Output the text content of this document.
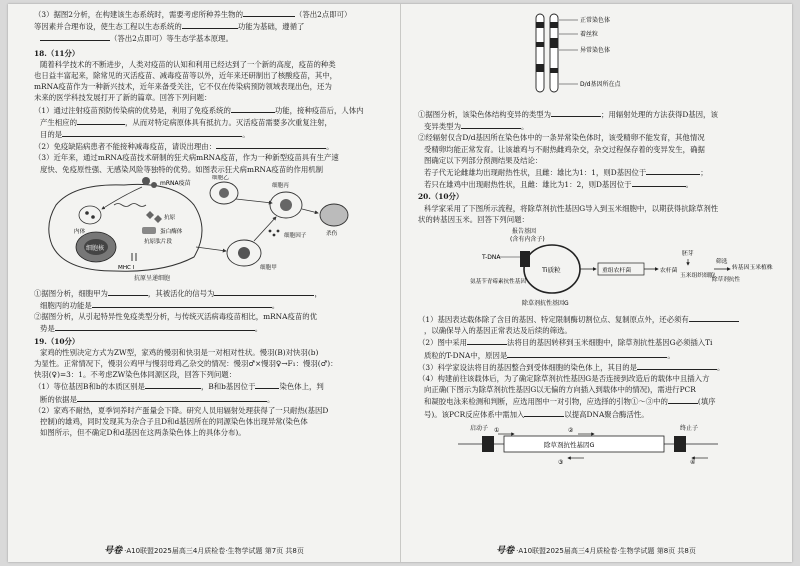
（3）据图2分析，在构建该生态系统时，需要考虑所种养生物的	（答出2点即可）

等因素并合理布设，使生态工程以生态系统的	功能为基础，遵循了

（答出2点即可）等生态学基本原理。

18.（11分）

随着科学技术的不断进步，人类对疫苗的认知和利用已经达到了一个新的高度，疫苗的种类

也日益丰富起来，除常见的灭活疫苗、减毒疫苗等以外，近年来还研制出了核酸疫苗，其中，

mRNA疫苗作为一种新兴技术，近年来备受关注，它不仅在传染病预防领域表现出色，还为

未来的医学科技发展打开了新的篇章。回答下列问题：

（1）通过注射疫苗预防传染病的优势是，利用了免疫系统的	功能，接种疫苗后，人体内

产生相应的	，从而对特定病原体具有抵抗力。灭活疫苗需要多次重复注射，

目的是	。

（2）免疫缺陷病患者不能接种减毒疫苗，请说出理由：	。

（3）近年来，通过mRNA疫苗技术研制的狂犬病mRNA疫苗，作为一种新型疫苗具有生产速

度快、免疫原性强、无感染风险等独特的优势。如图表示狂犬病mRNA疫苗的作用机制

细胞核
内体
mRNA疫苗
抗原
蛋白酶体
抗原肽片段
MHC I
细胞乙
细胞丙
杀伤
细胞甲
细胞因子
抗原呈递细胞

①据图分析，细胞甲为	，其被活化的信号为	，

细胞丙的功能是	。

②据图分析，从引起特异性免疫类型分析，与传统灭活病毒疫苗相比，mRNA疫苗的优

势是	。

19.（10分）

家鸡的性别决定方式为ZW型，家鸡的慢羽和快羽是一对相对性状。慢羽(B)对快羽(b)

为显性。正常情况下，慢羽公鸡甲与慢羽母鸡乙杂交的情况：慢羽♂×慢羽♀→F₁：慢羽(♂)：

快羽(♀)=3：1。不考虑ZW染色体同源区段，回答下列问题：

（1）等位基因B和b的本质区别是	，B和b基因位于	染色体上，判

断的依据是	。

（2）家鸡不耐热，夏季饲养时产蛋量会下降。研究人员用辐射处理获得了一只耐热(基因D

控制)的雄鸡，同时发现其为杂合子且D和d基因所在的同源染色体出现异常(染色体

如图所示，但不确定D和d基因在这两条染色体上的具体分布)。

号卷 ·A10联盟2025届高三4月质检卷·生物学试题 第7页 共8页
正常染色体
着丝粒
异常染色体
D/d基因所在点

①据图分析，该染色体结构变异的类型为	；用辐射处理的方法获得D基因，该

变异类型为	。

②经辐射仅含D/d基因所在染色体中的一条异常染色体时，该受精卵不能发育，其他情况

受精卵均能正常发育。让该雄鸡与不耐热雌鸡杂交，杂交过程保存着的变异发生，确据

图确定以下列部分预测结果及结论：

若子代无论雌雄均出现耐热性状，且雌：雄比为1：1，则D基因位于	；

若只在雄鸡中出现耐热性状，且雌：雄比为1：2，则D基因位于	。

20.（10分）

科学家采用了下图所示流程，将除草剂抗性基因G导入到玉米细胞中，以期获得抗除草剂性

状的转基因玉米。回答下列问题：

报告基因
(含有内含子)
Ti质粒
T-DNA
氨基苄青霉素抗性基因
除草剂抗性基因G
重组农杆菌	农杆菌
胚芽
玉米组织细胞
筛选
转基因玉米植株
除草剂抗性

（1）基因表达载体除了含目的基因、特定限制酶切割位点、复制原点外，还必须有

，以确保导入的基因正常表达及后续的筛选。

（2）图中采用	法将目的基因转移到玉米细胞中，除草剂抗性基因G必须插入Ti

质粒的T-DNA中，原因是	。

（3）科学家设法将目的基因整合到受体细胞的染色体上，其目的是	。

（4）构建前往该载体后，为了确定除草剂抗性基因G是否连接到改造后的载体中且插入方

向正确(下图示为除草剂抗性基因G以无偏的方向插入到载体中的情况)，需进行PCR

和凝胶电泳来检测和判断，应选用图中一对引物，应选择的引物①～③中的	(填序

号)。该PCR反应体系中需加入	以提高DNA聚合酶活性。

启动子	终止子
除草剂抗性基因G
①	②
③	④
号卷 ·A10联盟2025届高三4月质检卷·生物学试题 第8页 共8页
